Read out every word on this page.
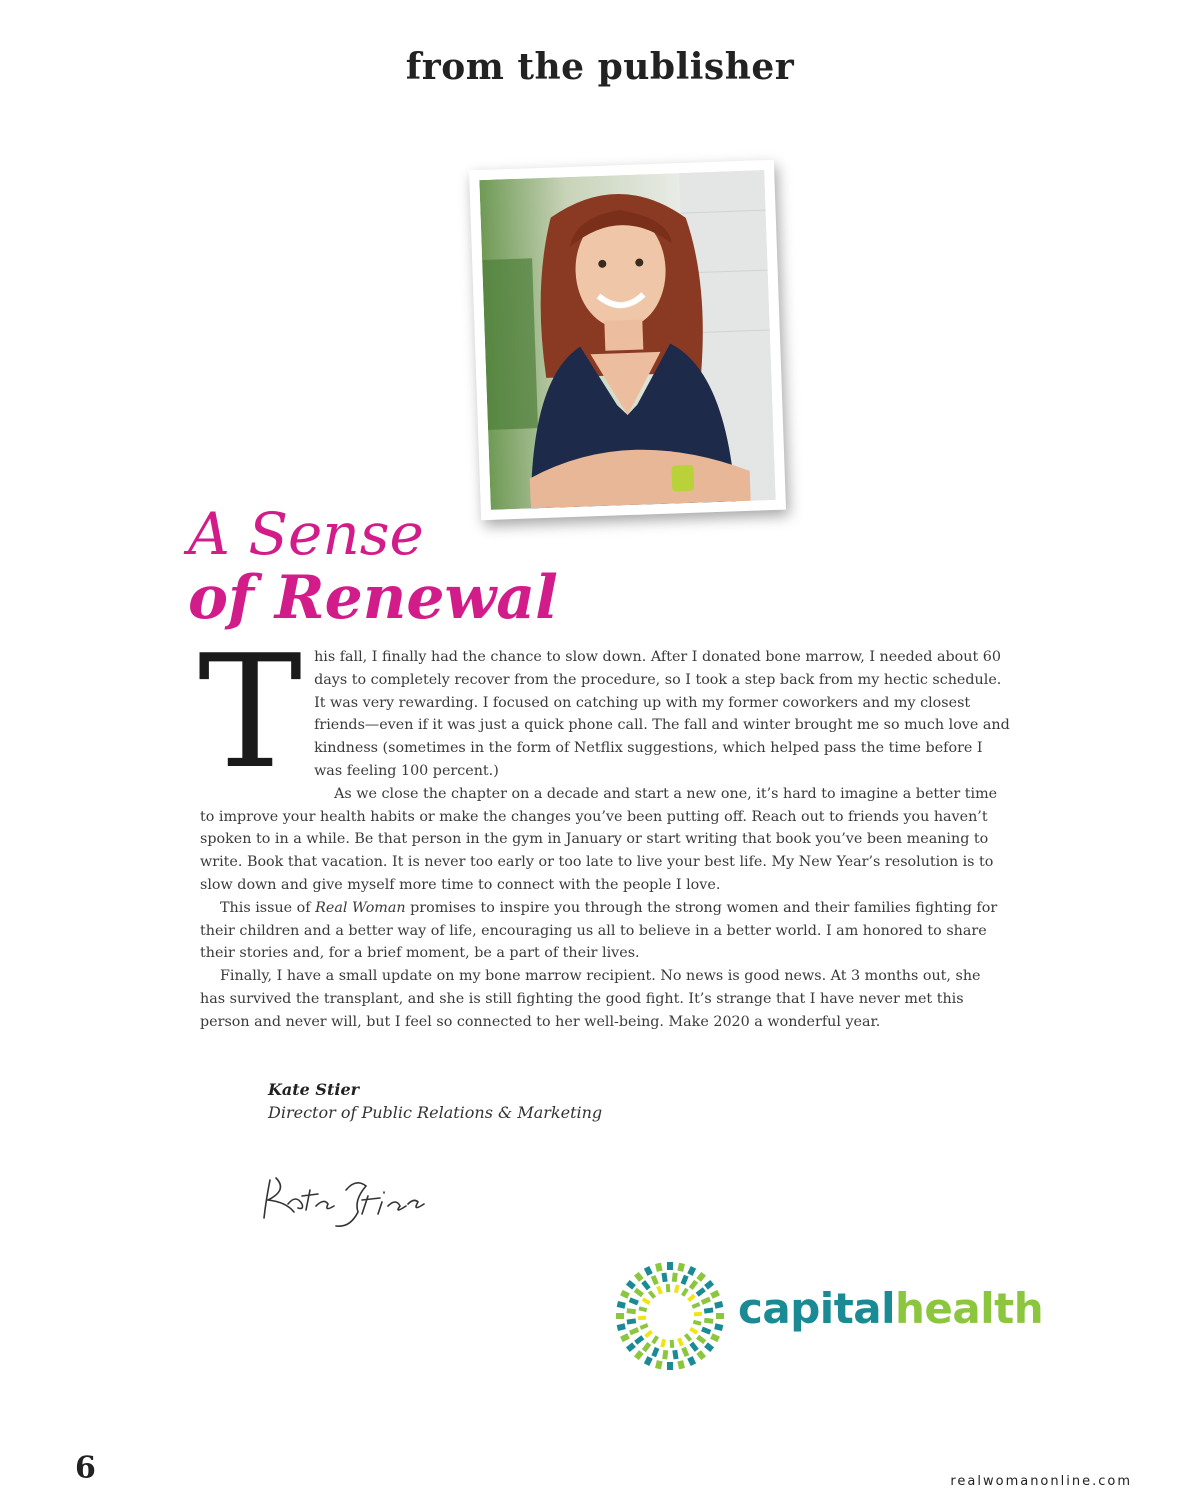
from the publisher
A Sense
of Renewal

This fall, I finally had the chance to slow down. After I donated bone marrow, I needed about 60 days to completely recover from the procedure, so I took a step back from my hectic schedule. It was very rewarding. I focused on catching up with my former coworkers and my closest friends—even if it was just a quick phone call. The fall and winter brought me so much love and kindness (sometimes in the form of Netflix suggestions, which helped pass the time before I was feeling 100 percent.)

As we close the chapter on a decade and start a new one, it’s hard to imagine a better time to improve your health habits or make the changes you’ve been putting off. Reach out to friends you haven’t spoken to in a while. Be that person in the gym in January or start writing that book you’ve been meaning to write. Book that vacation. It is never too early or too late to live your best life. My New Year’s resolution is to slow down and give myself more time to connect with the people I love.

This issue of Real Woman promises to inspire you through the strong women and their families fighting for their children and a better way of life, encouraging us all to believe in a better world. I am honored to share their stories and, for a brief moment, be a part of their lives.

Finally, I have a small update on my bone marrow recipient. No news is good news. At 3 months out, she has survived the transplant, and she is still fighting the good fight. It’s strange that I have never met this person and never will, but I feel so connected to her well-being. Make 2020 a wonderful year.

Kate Stier
Director of Public Relations & Marketing
capitalhealth
6	realwomanonline.com
